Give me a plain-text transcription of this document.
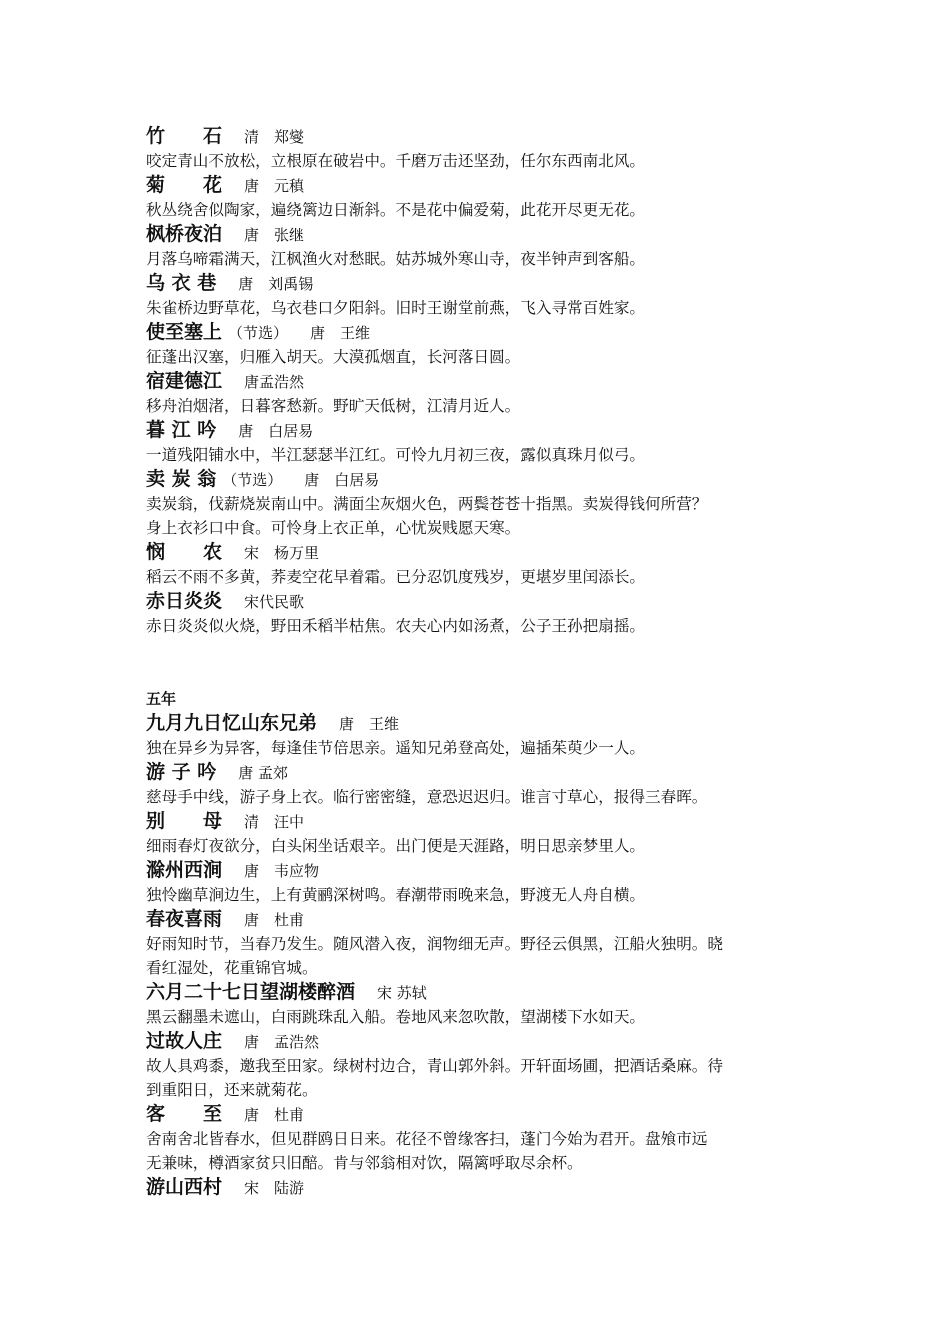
竹　　石 清　郑燮
咬定青山不放松，立根原在破岩中。千磨万击还坚劲，任尔东西南北风。
菊　　花 唐　元稹
秋丛绕舍似陶家，遍绕篱边日渐斜。不是花中偏爱菊，此花开尽更无花。
枫桥夜泊 唐　张继
月落乌啼霜满天，江枫渔火对愁眠。姑苏城外寒山寺，夜半钟声到客船。
乌 衣 巷 唐　刘禹锡
朱雀桥边野草花，乌衣巷口夕阳斜。旧时王谢堂前燕，飞入寻常百姓家。
使至塞上 （节选） 唐　王维
征蓬出汉塞，归雁入胡天。大漠孤烟直，长河落日圆。
宿建德江 唐孟浩然
移舟泊烟渚，日暮客愁新。野旷天低树，江清月近人。
暮 江 吟 唐　白居易
一道残阳铺水中，半江瑟瑟半江红。可怜九月初三夜，露似真珠月似弓。
卖 炭 翁 （节选） 唐　白居易
卖炭翁，伐薪烧炭南山中。满面尘灰烟火色，两鬓苍苍十指黑。卖炭得钱何所营？
身上衣衫口中食。可怜身上衣正单，心忧炭贱愿天寒。
悯　　农 宋　杨万里
稻云不雨不多黄，荞麦空花早着霜。已分忍饥度残岁，更堪岁里闰添长。
赤日炎炎 宋代民歌
赤日炎炎似火烧，野田禾稻半枯焦。农夫心内如汤煮，公子王孙把扇摇。
五年
九月九日忆山东兄弟 唐　王维
独在异乡为异客，每逢佳节倍思亲。遥知兄弟登高处，遍插茱萸少一人。
游 子 吟 唐 孟郊
慈母手中线，游子身上衣。临行密密缝，意恐迟迟归。谁言寸草心，报得三春晖。
别　　母 清　汪中
细雨春灯夜欲分，白头闲坐话艰辛。出门便是天涯路，明日思亲梦里人。
滁州西涧 唐　韦应物
独怜幽草涧边生，上有黄鹂深树鸣。春潮带雨晚来急，野渡无人舟自横。
春夜喜雨 唐　杜甫
好雨知时节，当春乃发生。随风潜入夜，润物细无声。野径云俱黑，江船火独明。晓
看红湿处，花重锦官城。
六月二十七日望湖楼醉酒 宋 苏轼
黑云翻墨未遮山，白雨跳珠乱入船。卷地风来忽吹散，望湖楼下水如天。
过故人庄 唐　孟浩然
故人具鸡黍，邀我至田家。绿树村边合，青山郭外斜。开轩面场圃，把酒话桑麻。待
到重阳日，还来就菊花。
客　　至 唐　杜甫
舍南舍北皆春水，但见群鸥日日来。花径不曾缘客扫，蓬门今始为君开。盘飧市远
无兼味，樽酒家贫只旧醅。肯与邻翁相对饮，隔篱呼取尽余杯。
游山西村 宋　陆游
